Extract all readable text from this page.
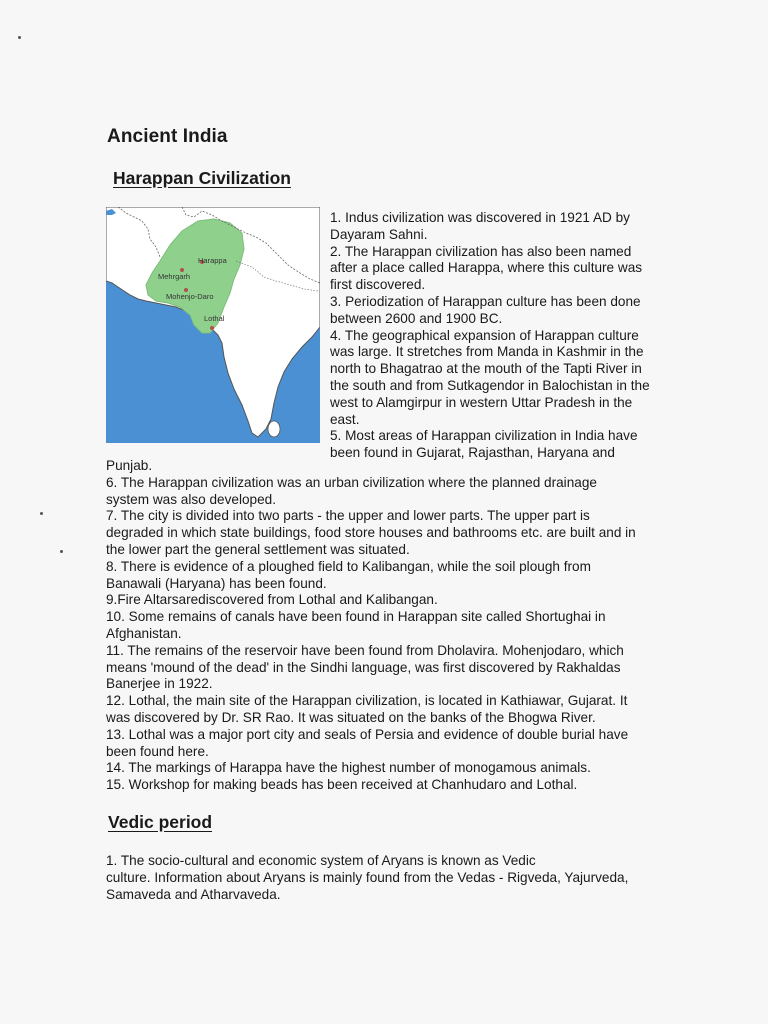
Ancient India
Harappan Civilization
Harappa
Mehrgarh
Mohenjo-Daro
Lothal
1. Indus civilization was discovered in 1921 AD by
Dayaram Sahni.
2. The Harappan civilization has also been named
after a place called Harappa, where this culture was
first discovered.
3. Periodization of Harappan culture has been done
between 2600 and 1900 BC.
4. The geographical expansion of Harappan culture
was large. It stretches from Manda in Kashmir in the
north to Bhagatrao at the mouth of the Tapti River in
the south and from Sutkagendor in Balochistan in the
west to Alamgirpur in western Uttar Pradesh in the
east.
5. Most areas of Harappan civilization in India have
been found in Gujarat, Rajasthan, Haryana and
Punjab.
6. The Harappan civilization was an urban civilization where the planned drainage
system was also developed.
7. The city is divided into two parts - the upper and lower parts. The upper part is
degraded in which state buildings, food store houses and bathrooms etc. are built and in
the lower part the general settlement was situated.
8. There is evidence of a ploughed field to Kalibangan, while the soil plough from
Banawali (Haryana) has been found.
9.Fire Altarsarediscovered from Lothal and Kalibangan.
10. Some remains of canals have been found in Harappan site called Shortughai in
Afghanistan.
11. The remains of the reservoir have been found from Dholavira. Mohenjodaro, which
means 'mound of the dead' in the Sindhi language, was first discovered by Rakhaldas
Banerjee in 1922.
12. Lothal, the main site of the Harappan civilization, is located in Kathiawar, Gujarat. It
was discovered by Dr. SR Rao. It was situated on the banks of the Bhogwa River.
13. Lothal was a major port city and seals of Persia and evidence of double burial have
been found here.
14. The markings of Harappa have the highest number of monogamous animals.
15. Workshop for making beads has been received at Chanhudaro and Lothal.
Vedic period
1. The socio-cultural and economic system of Aryans is known as Vedic
culture. Information about Aryans is mainly found from the Vedas - Rigveda, Yajurveda,
Samaveda and Atharvaveda.
